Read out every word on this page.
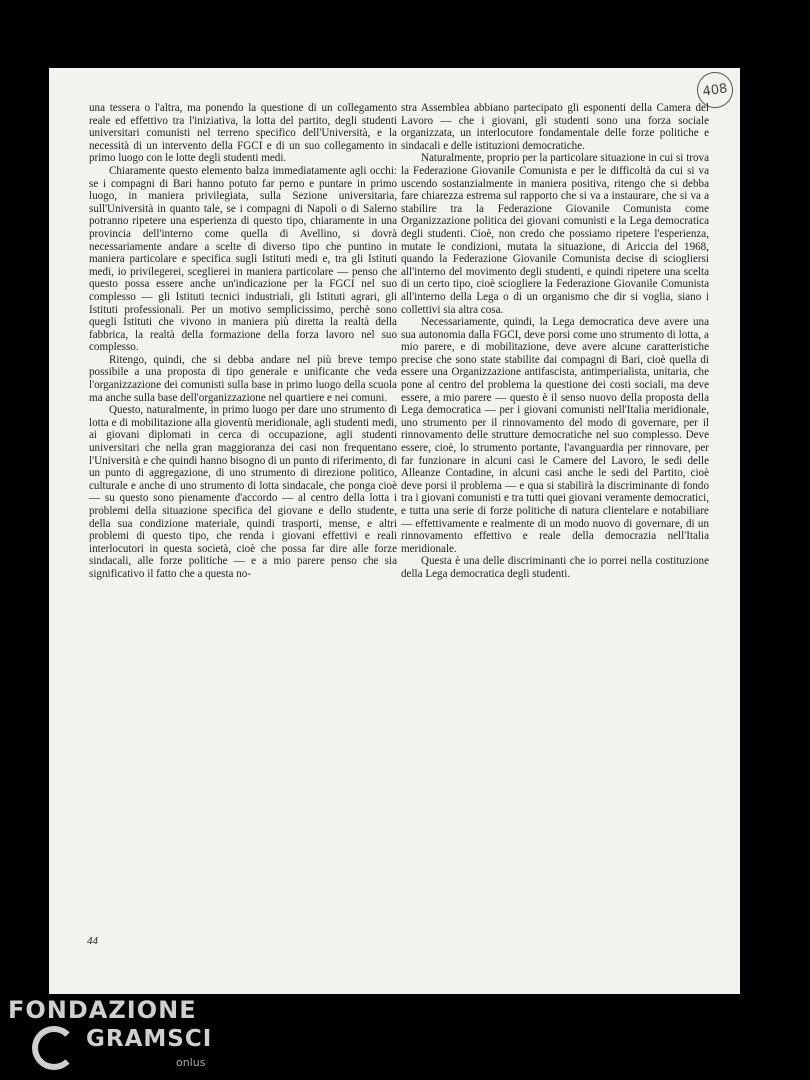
408

una tessera o l'altra, ma ponendo la questione di un collegamento reale ed effettivo tra l'iniziativa, la lotta del partito, degli studenti universitari comunisti nel terreno specifico dell'Università, e la necessità di un intervento della FGCI e di un suo collegamento in primo luogo con le lotte degli studenti medi.

Chiaramente questo elemento balza immediatamente agli occhi: se i compagni di Bari hanno potuto far perno e puntare in primo luogo, in maniera privilegiata, sulla Sezione universitaria, sull'Università in quanto tale, se i compagni di Napoli o di Salerno potranno ripetere una esperienza di questo tipo, chiaramente in una provincia dell'interno come quella di Avellino, si dovrà necessariamente andare a scelte di diverso tipo che puntino in maniera particolare e specifica sugli Istituti medi e, tra gli Istituti medi, io privilegerei, sceglierei in maniera particolare — penso che questo possa essere anche un'indicazione per la FGCI nel suo complesso — gli Istituti tecnici industriali, gli Istituti agrari, gli Istituti professionali. Per un motivo semplicissimo, perchè sono quegli Istituti che vivono in maniera più diretta la realtà della fabbrica, la realtà della formazione della forza lavoro nel suo complesso.

Ritengo, quindi, che si debba andare nel più breve tempo possibile a una proposta di tipo generale e unificante che veda l'organizzazione dei comunisti sulla base in primo luogo della scuola ma anche sulla base dell'organizzazione nel quartiere e nei comuni.

Questo, naturalmente, in primo luogo per dare uno strumento di lotta e di mobilitazione alla gioventù meridionale, agli studenti medi, ai giovani diplomati in cerca di occupazione, agli studenti universitari che nella gran maggioranza dei casi non frequentano l'Università e che quindi hanno bisogno di un punto di riferimento, di un punto di aggregazione, di uno strumento di direzione politico, culturale e anche di uno strumento di lotta sindacale, che ponga cioè — su questo sono pienamente d'accordo — al centro della lotta i problemi della situazione specifica del giovane e dello studente, della sua condizione materiale, quindi trasporti, mense, e altri problemi di questo tipo, che renda i giovani effettivi e reali interlocutori in questa società, cioè che possa far dire alle forze sindacali, alle forze politiche — e a mio parere penso che sia significativo il fatto che a questa no-

stra Assemblea abbiano partecipato gli esponenti della Camera del Lavoro — che i giovani, gli studenti sono una forza sociale organizzata, un interlocutore fondamentale delle forze politiche e sindacali e delle istituzioni democratiche.

Naturalmente, proprio per la particolare situazione in cui si trova la Federazione Giovanile Comunista e per le difficoltà da cui si va uscendo sostanzialmente in maniera positiva, ritengo che si debba fare chiarezza estrema sul rapporto che si va a instaurare, che si va a stabilire tra la Federazione Giovanile Comunista come Organizzazione politica dei giovani comunisti e la Lega democratica degli studenti. Cioè, non credo che possiamo ripetere l'esperienza, mutate le condizioni, mutata la situazione, di Ariccia del 1968, quando la Federazione Giovanile Comunista decise di sciogliersi all'interno del movimento degli studenti, e quindi ripetere una scelta di un certo tipo, cioè sciogliere la Federazione Giovanile Comunista all'interno della Lega o di un organismo che dir si voglia, siano i collettivi sia altra cosa.

Necessariamente, quindi, la Lega democratica deve avere una sua autonomia dalla FGCI, deve porsi come uno strumento di lotta, a mio parere, e di mobilitazione, deve avere alcune caratteristiche precise che sono state stabilite dai compagni di Bari, cioè quella di essere una Organizzazione antifascista, antimperialista, unitaria, che pone al centro del problema la questione dei costi sociali, ma deve essere, a mio parere — questo è il senso nuovo della proposta della Lega democratica — per i giovani comunisti nell'Italia meridionale, uno strumento per il rinnovamento del modo di governare, per il rinnovamento delle strutture democratiche nel suo complesso. Deve essere, cioè, lo strumento portante, l'avanguardia per rinnovare, per far funzionare in alcuni casi le Camere del Lavoro, le sedi delle Alleanze Contadine, in alcuni casi anche le sedi del Partito, cioè deve porsi il problema — e qua si stabilirà la discriminante di fondo tra i giovani comunisti e tra tutti quei giovani veramente democratici, e tutta una serie di forze politiche di natura clientelare e notabiliare — effettivamente e realmente di un modo nuovo di governare, di un rinnovamento effettivo e reale della democrazia nell'Italia meridionale.

Questa è una delle discriminanti che io porrei nella costituzione della Lega democratica degli studenti.

44
FONDAZIONE
GRAMSCI
onlus
